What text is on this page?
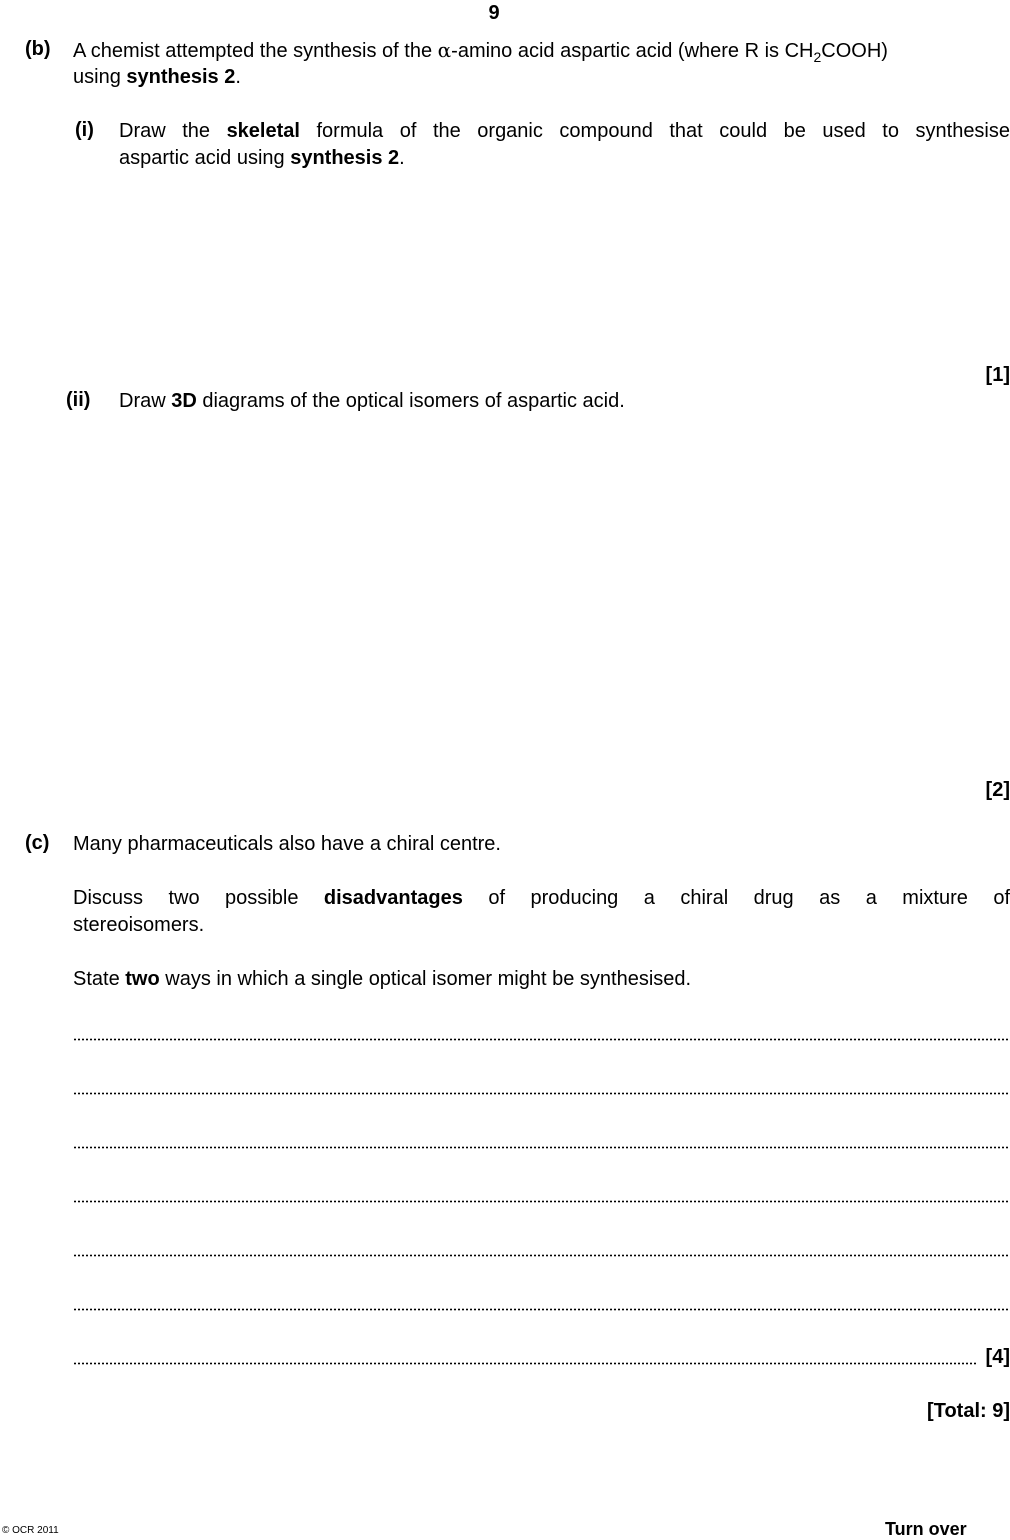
9
(b) A chemist attempted the synthesis of the α-amino acid aspartic acid (where R is $CH_2COOH$)
using synthesis 2.
(i) Draw the skeletal formula of the organic compound that could be used to synthesise
aspartic acid using synthesis 2.
[1]
(ii) Draw 3D diagrams of the optical isomers of aspartic acid.
[2]
(c) Many pharmaceuticals also have a chiral centre.
Discuss two possible disadvantages of producing a chiral drug as a mixture of
stereoisomers.
State two ways in which a single optical isomer might be synthesised.
[4]
[Total: 9]
© OCR 2011	Turn over
